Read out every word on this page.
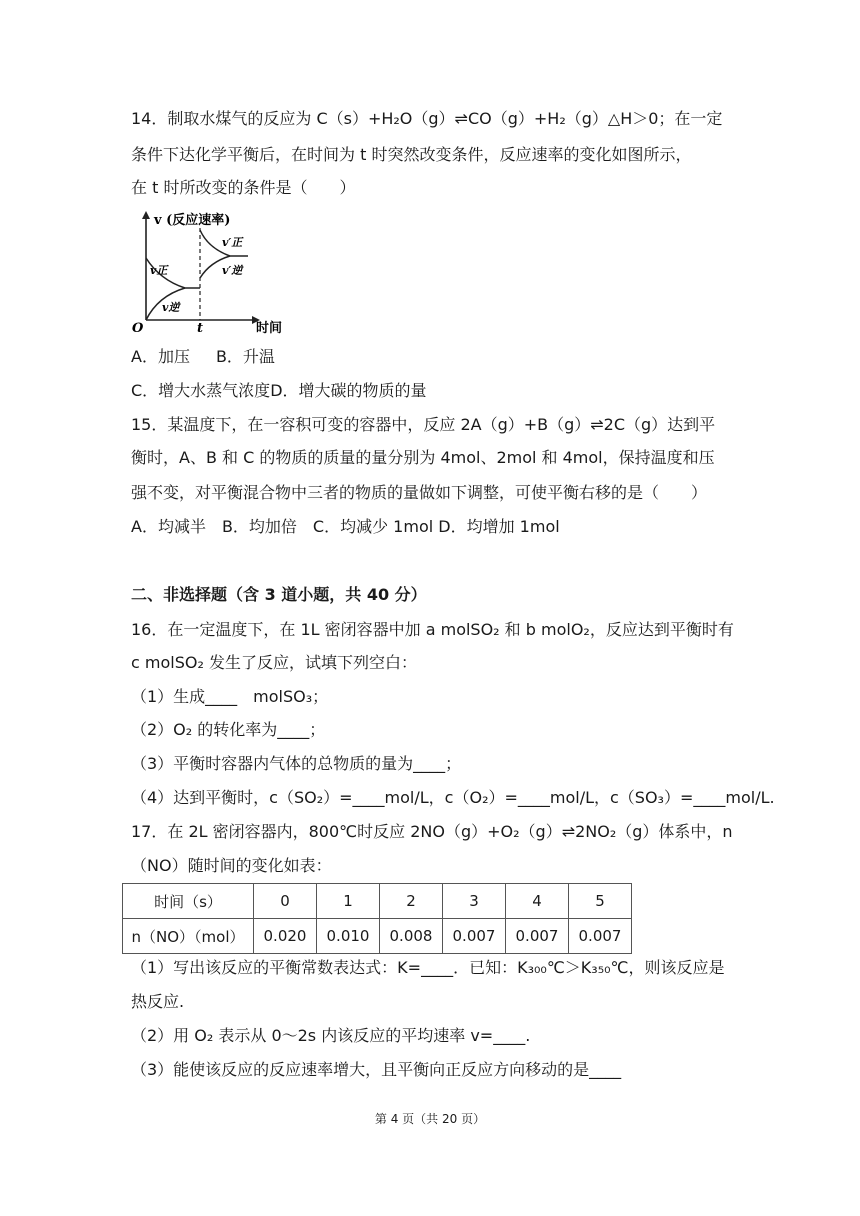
14．制取水煤气的反应为 C（s）+H₂O（g）⇌CO（g）+H₂（g）△H＞0；在一定
条件下达化学平衡后，在时间为 t 时突然改变条件，反应速率的变化如图所示，
在 t 时所改变的条件是（　　）
v (反应速率)
v正
v逆
v′正
v′逆
O	t	时间
A．加压 B．升温
C．增大水蒸气浓度D．增大碳的物质的量
15．某温度下，在一容积可变的容器中，反应 2A（g）+B（g）⇌2C（g）达到平
衡时，A、B 和 C 的物质的质量的量分别为 4mol、2mol 和 4mol，保持温度和压
强不变，对平衡混合物中三者的物质的量做如下调整，可使平衡右移的是（　　）
A．均减半　B．均加倍　C．均减少 1mol D．均增加 1mol
二、非选择题（含 3 道小题，共 40 分）
16．在一定温度下，在 1L 密闭容器中加 a molSO₂ 和 b molO₂，反应达到平衡时有
c molSO₂ 发生了反应，试填下列空白：
（1）生成____　molSO₃；
（2）O₂ 的转化率为____；
（3）平衡时容器内气体的总物质的量为____；
（4）达到平衡时，c（SO₂）=____mol/L，c（O₂）=____mol/L，c（SO₃）=____mol/L.
17．在 2L 密闭容器内，800℃时反应 2NO（g）+O₂（g）⇌2NO₂（g）体系中，n
（NO）随时间的变化如表：
时间（s）	0	1	2	3	4	5
n（NO）（mol）	0.020	0.010	0.008	0.007	0.007	0.007
（1）写出该反应的平衡常数表达式：K=____．已知：K₃₀₀℃＞K₃₅₀℃，则该反应是
热反应.
（2）用 O₂ 表示从 0～2s 内该反应的平均速率 v=____.
（3）能使该反应的反应速率增大，且平衡向正反应方向移动的是____
第 4 页（共 20 页）
